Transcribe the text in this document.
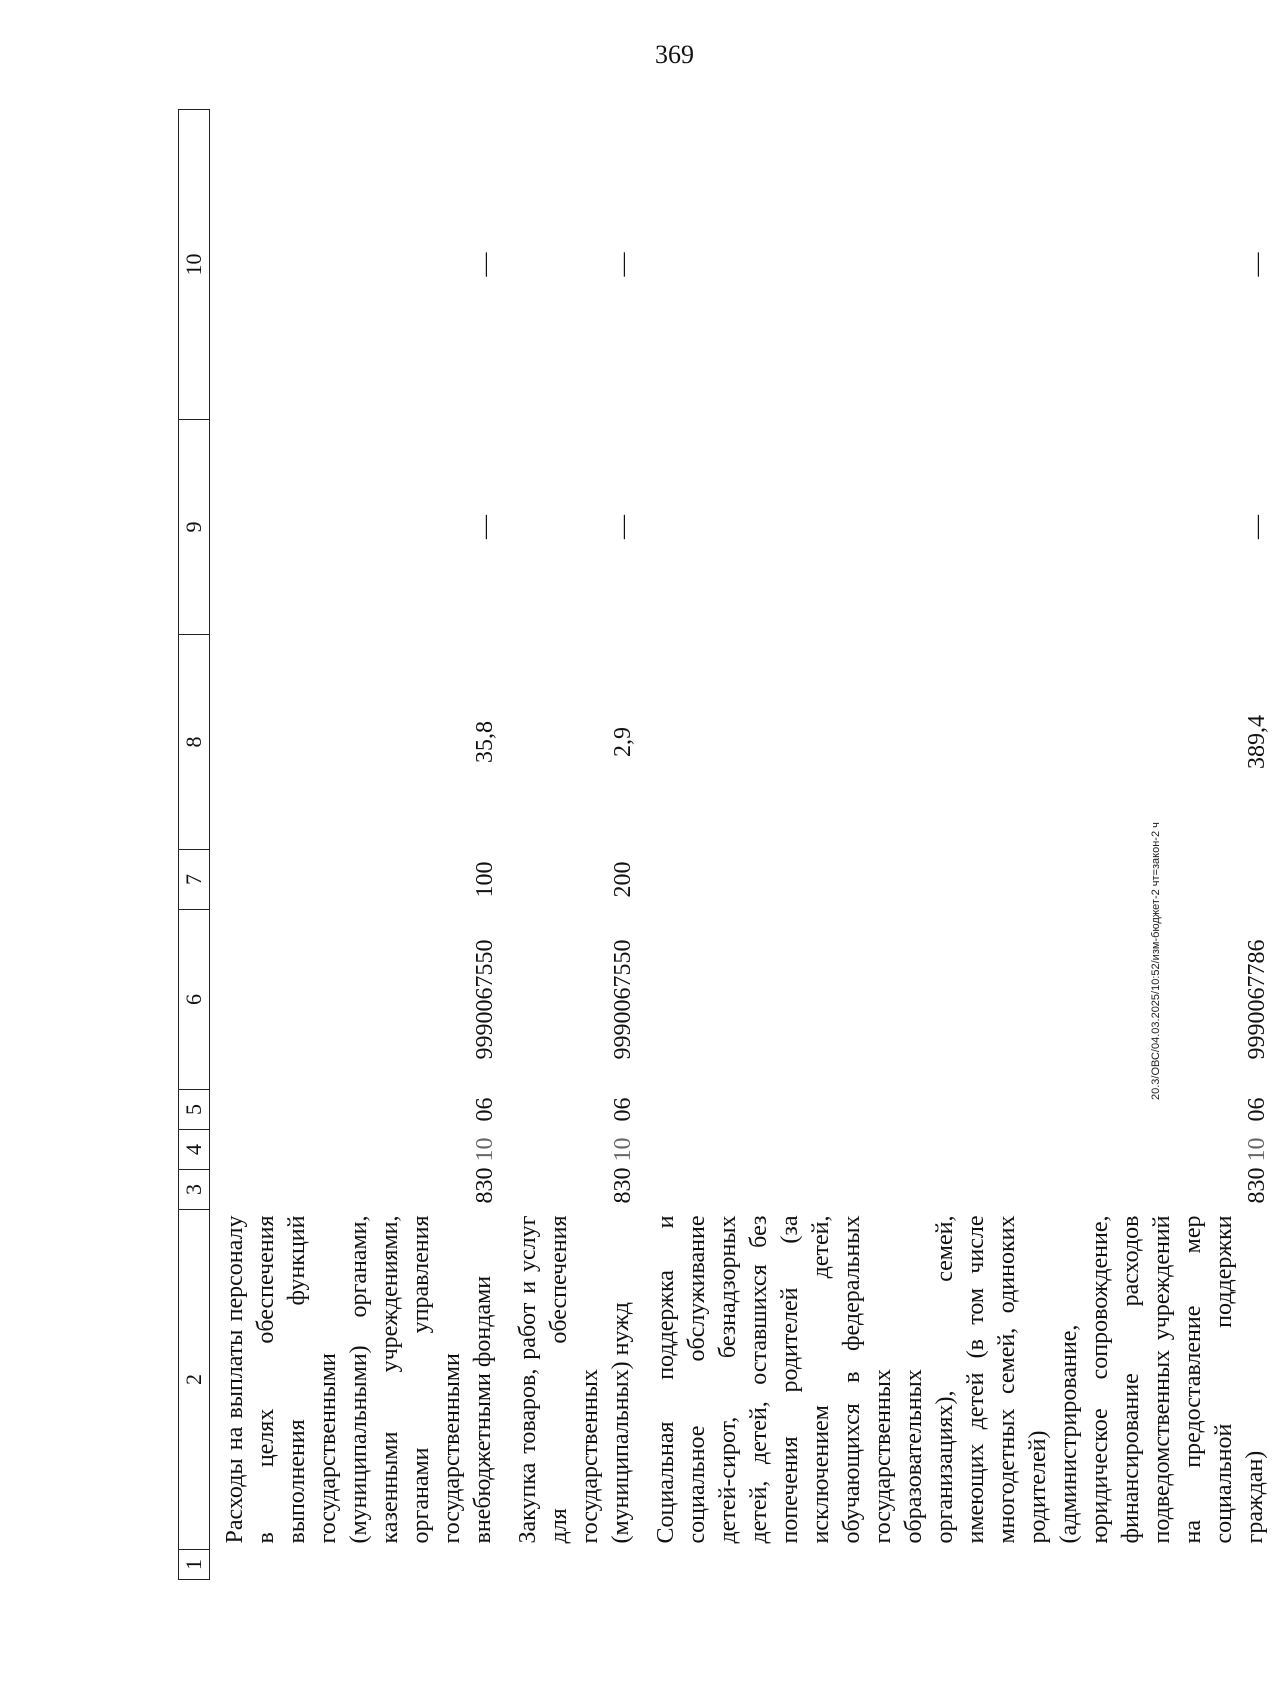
369
20.3/ОВС/04.03.2025/10:52/изм-бюджет-2 чт=закон-2 ч
1	2	3	4	5	6	7	8	9	10
	Расходы на выплаты персоналу в целях обеспечения выполнения функций государственными (муниципальными) органами, казенными учреждениями, органами управления государственными внебюджетными фондами	830	10	06	9990067550	100	35,8	—	—
	Закупка товаров, работ и услуг для обеспечения государственных (муниципальных) нужд	830	10	06	9990067550	200	2,9	—	—
	Социальная поддержка и социальное обслуживание детей-сирот, безнадзорных детей, детей, оставшихся без попечения родителей (за исключением детей, обучающихся в федеральных государственных образовательных организациях), семей, имеющих детей (в том числе многодетных семей, одиноких родителей) (администрирование, юридическое сопровождение, финансирование расходов подведомственных учреждений на предоставление мер социальной поддержки граждан)	830	10	06	9990067786		389,4	—	—
